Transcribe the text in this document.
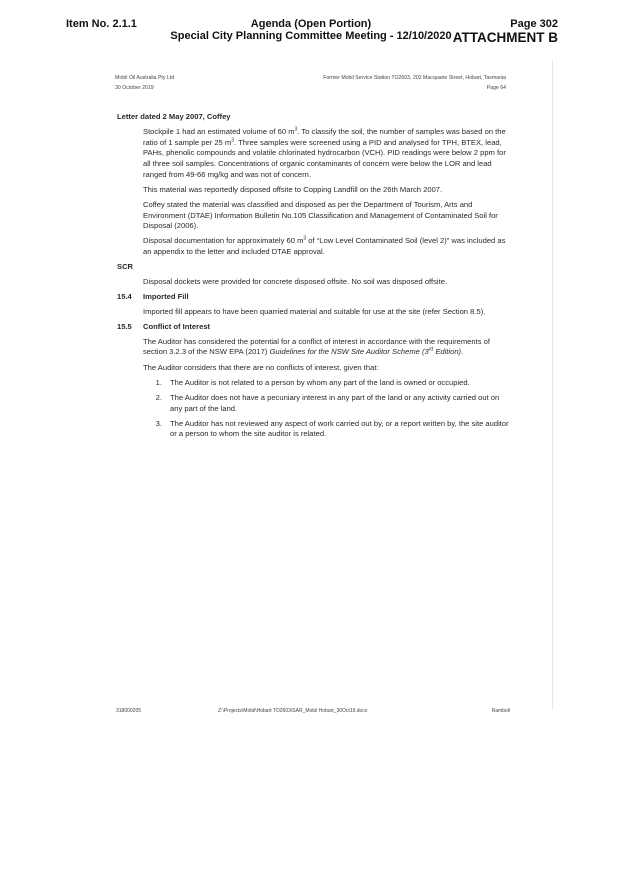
Item No. 2.1.1	Agenda (Open Portion)
Special City Planning Committee Meeting - 12/10/2020
Page 302
ATTACHMENT B
Mobil Oil Australia Pty Ltd
30 October 2019
Former Mobil Service Station TO2603, 202 Macquarie Street, Hobart, Tasmania
Page 64

Letter dated 2 May 2007, Coffey

Stockpile 1 had an estimated volume of 60 $m^3$. To classify the soil, the number of samples was based on the ratio of 1 sample per 25 $m^3$. Three samples were screened using a PID and analysed for TPH, BTEX, lead, PAHs, phenolic compounds and volatile chlorinated hydrocarbon (VCH). PID readings were below 2 ppm for all three soil samples. Concentrations of organic contaminants of concern were below the LOR and lead ranged from 49-66 mg/kg and was not of concern.

This material was reportedly disposed offsite to Copping Landfill on the 26th March 2007.

Coffey stated the material was classified and disposed as per the Department of Tourism, Arts and Environment (DTAE) Information Bulletin No.105 Classification and Management of Contaminated Soil for Disposal (2006).

Disposal documentation for approximately 60 $m^3$ of “Low Level Contaminated Soil (level 2)” was included as an appendix to the letter and included DTAE approval.

SCR

Disposal dockets were provided for concrete disposed offsite. No soil was disposed offsite.

15.4	Imported Fill

Imported fill appears to have been quarried material and suitable for use at the site (refer Section 8.5).

15.5	Conflict of Interest

The Auditor has considered the potential for a conflict of interest in accordance with the requirements of section 3.2.3 of the NSW EPA (2017) Guidelines for the NSW Site Auditor Scheme (3rd Edition).

The Auditor considers that there are no conflicts of interest, given that:

1.	The Auditor is not related to a person by whom any part of the land is owned or occupied.
2.	The Auditor does not have a pecuniary interest in any part of the land or any activity carried out on any part of the land.
3.	The Auditor has not reviewed any aspect of work carried out by, or a report written by, the site auditor or a person to whom the site auditor is related.
318000205	Z:\Projects\Mobil\Hobart TO2603\SAR_Mobil Hobart_30Oct19.docx	Ramboll
